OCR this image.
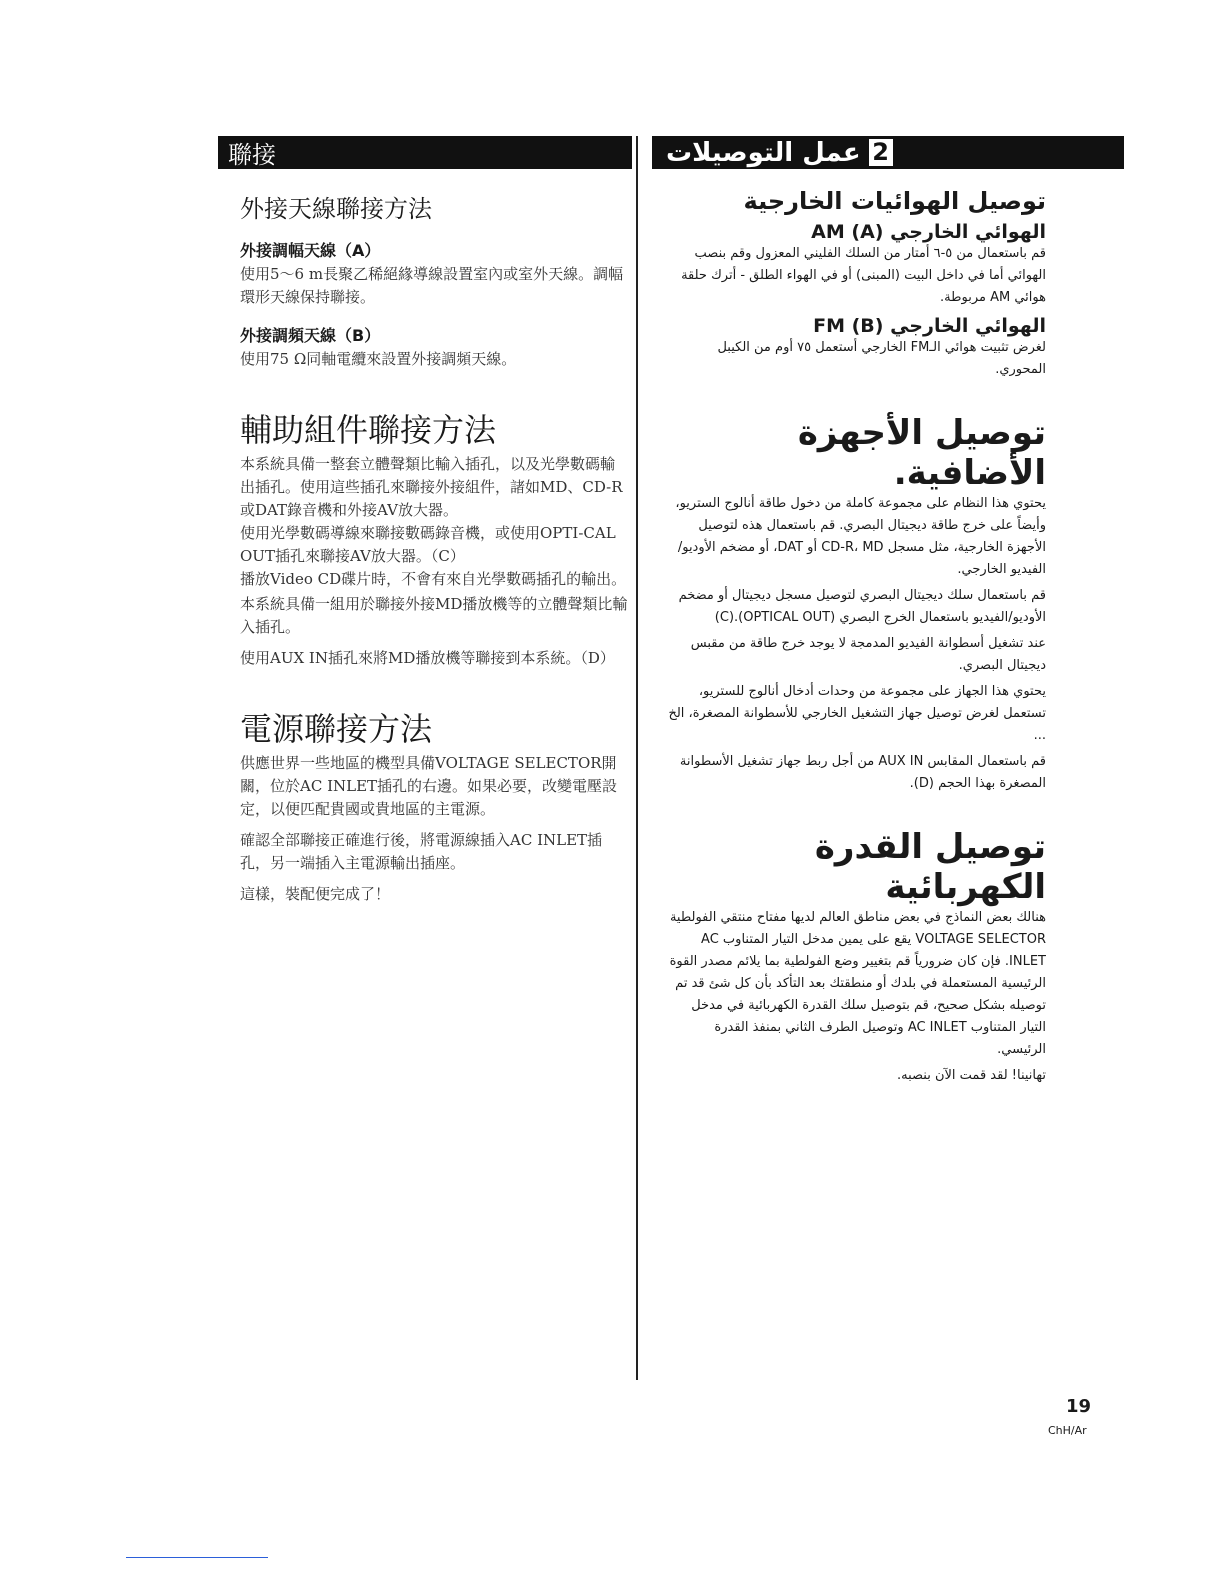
聯接
外接天線聯接方法
外接調幅天線（A）

使用5～6 m長聚乙稀絕緣導線設置室內或室外天線。調幅環形天線保持聯接。

外接調頻天線（B）

使用75 Ω同軸電纜來設置外接調頻天線。

輔助組件聯接方法

本系統具備一整套立體聲類比輸入插孔，以及光學數碼輸出插孔。使用這些插孔來聯接外接組件，諸如MD、CD-R或DAT錄音機和外接AV放大器。

使用光學數碼導線來聯接數碼錄音機，或使用OPTI-CAL OUT插孔來聯接AV放大器。（C）

播放Video CD碟片時，不會有來自光學數碼插孔的輸出。

本系統具備一組用於聯接外接MD播放機等的立體聲類比輸入插孔。

使用AUX IN插孔來將MD播放機等聯接到本系統。（D）

電源聯接方法

供應世界一些地區的機型具備VOLTAGE SELECTOR開關，位於AC INLET插孔的右邊。如果必要，改變電壓設定，以便匹配貴國或貴地區的主電源。

確認全部聯接正確進行後，將電源線插入AC INLET插孔，另一端插入主電源輸出插座。

這樣，裝配便完成了！

2
عمل التوصيلات
توصيل الهوائيات الخارجية
الهوائي الخارجي AM (A)

قم باستعمال من ٥-٦ أمتار من السلك الفليني المعزول وقم بنصب الهوائي أما في داخل البيت (المبنى) أو في الهواء الطلق - أترك حلقة هوائي AM مربوطة.

الهوائي الخارجي FM (B)

لغرض تثبيت هوائي الـFM الخارجي أستعمل ٧٥ أوم من الكيبل المحوري.

توصيل الأجهزة الأضافية.

يحتوي هذا النظام على مجموعة كاملة من دخول طاقة أنالوج الستريو، وأيضاً على خرج طاقة ديجيتال البصري. قم باستعمال هذه لتوصيل الأجهزة الخارجية، مثل مسجل CD-R، MD أو DAT، أو مضخم الأوديو/الفيديو الخارجي.

قم باستعمال سلك ديجيتال البصري لتوصيل مسجل ديجيتال أو مضخم الأوديو/الفيديو باستعمال الخرج البصري (OPTICAL OUT).(C)

عند تشغيل أسطوانة الفيديو المدمجة لا يوجد خرج طاقة من مقبس ديجيتال البصري.

يحتوي هذا الجهاز على مجموعة من وحدات أدخال أنالوج للستريو، تستعمل لغرض توصيل جهاز التشغيل الخارجي للأسطوانة المصغرة، الخ ...

قم باستعمال المقابس AUX IN من أجل ربط جهاز تشغيل الأسطوانة المصغرة بهذا الحجم (D).

توصيل القدرة الكهربائية

هنالك بعض النماذج في بعض مناطق العالم لديها مفتاح منتقي الفولطية VOLTAGE SELECTOR يقع على يمين مدخل التيار المتناوب AC INLET. فإن كان ضرورياً قم بتغيير وضع الفولطية بما يلائم مصدر القوة الرئيسية المستعملة في بلدك أو منطقتك بعد التأكد بأن كل شئ قد تم توصيله بشكل صحيح، قم بتوصيل سلك القدرة الكهربائية في مدخل التيار المتناوب AC INLET وتوصيل الطرف الثاني بمنفذ القدرة الرئيسي.

تهانينا! لقد قمت الآن بنصبه.

19
ChH/Ar
